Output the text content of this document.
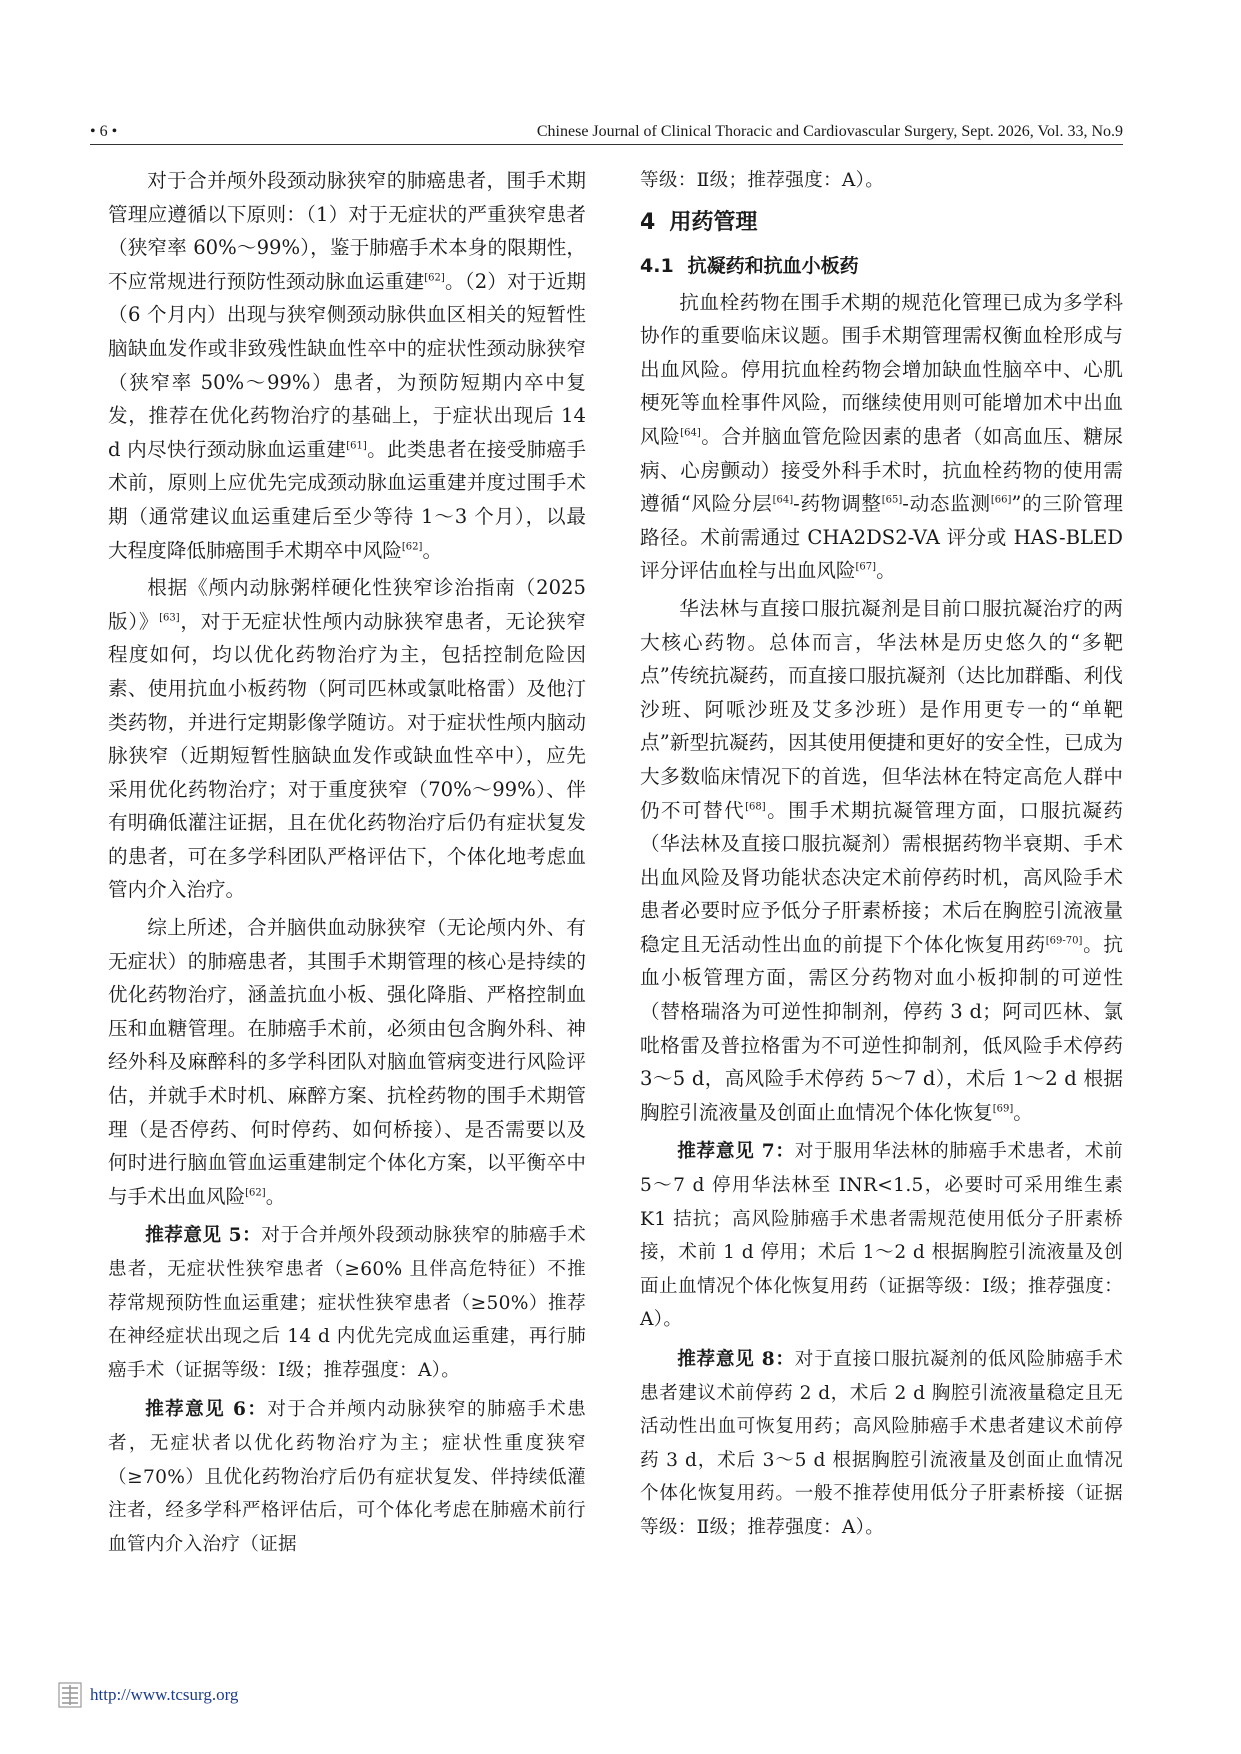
• 6 •	Chinese Journal of Clinical Thoracic and Cardiovascular Surgery, Sept. 2026, Vol. 33, No.9

对于合并颅外段颈动脉狭窄的肺癌患者，围手术期管理应遵循以下原则：（1）对于无症状的严重狭窄患者（狭窄率 60%～99%），鉴于肺癌手术本身的限期性，不应常规进行预防性颈动脉血运重建[62]。（2）对于近期（6 个月内）出现与狭窄侧颈动脉供血区相关的短暂性脑缺血发作或非致残性缺血性卒中的症状性颈动脉狭窄（狭窄率 50%～99%）患者，为预防短期内卒中复发，推荐在优化药物治疗的基础上，于症状出现后 14 d 内尽快行颈动脉血运重建[61]。此类患者在接受肺癌手术前，原则上应优先完成颈动脉血运重建并度过围手术期（通常建议血运重建后至少等待 1～3 个月），以最大程度降低肺癌围手术期卒中风险[62]。

根据《颅内动脉粥样硬化性狭窄诊治指南（2025 版）》[63]，对于无症状性颅内动脉狭窄患者，无论狭窄程度如何，均以优化药物治疗为主，包括控制危险因素、使用抗血小板药物（阿司匹林或氯吡格雷）及他汀类药物，并进行定期影像学随访。对于症状性颅内脑动脉狭窄（近期短暂性脑缺血发作或缺血性卒中），应先采用优化药物治疗；对于重度狭窄（70%～99%）、伴有明确低灌注证据，且在优化药物治疗后仍有症状复发的患者，可在多学科团队严格评估下，个体化地考虑血管内介入治疗。

综上所述，合并脑供血动脉狭窄（无论颅内外、有无症状）的肺癌患者，其围手术期管理的核心是持续的优化药物治疗，涵盖抗血小板、强化降脂、严格控制血压和血糖管理。在肺癌手术前，必须由包含胸外科、神经外科及麻醉科的多学科团队对脑血管病变进行风险评估，并就手术时机、麻醉方案、抗栓药物的围手术期管理（是否停药、何时停药、如何桥接）、是否需要以及何时进行脑血管血运重建制定个体化方案，以平衡卒中与手术出血风险[62]。

推荐意见 5：对于合并颅外段颈动脉狭窄的肺癌手术患者，无症状性狭窄患者（≥60% 且伴高危特征）不推荐常规预防性血运重建；症状性狭窄患者（≥50%）推荐在神经症状出现之后 14 d 内优先完成血运重建，再行肺癌手术（证据等级：Ⅰ级；推荐强度：A）。

推荐意见 6：对于合并颅内动脉狭窄的肺癌手术患者，无症状者以优化药物治疗为主；症状性重度狭窄（≥70%）且优化药物治疗后仍有症状复发、伴持续低灌注者，经多学科严格评估后，可个体化考虑在肺癌术前行血管内介入治疗（证据

等级：Ⅱ级；推荐强度：A）。

4 用药管理
4.1 抗凝药和抗血小板药

抗血栓药物在围手术期的规范化管理已成为多学科协作的重要临床议题。围手术期管理需权衡血栓形成与出血风险。停用抗血栓药物会增加缺血性脑卒中、心肌梗死等血栓事件风险，而继续使用则可能增加术中出血风险[64]。合并脑血管危险因素的患者（如高血压、糖尿病、心房颤动）接受外科手术时，抗血栓药物的使用需遵循“风险分层[64]-药物调整[65]-动态监测[66]”的三阶管理路径。术前需通过 CHA2DS2-VA 评分或 HAS-BLED 评分评估血栓与出血风险[67]。

华法林与直接口服抗凝剂是目前口服抗凝治疗的两大核心药物。总体而言，华法林是历史悠久的“多靶点”传统抗凝药，而直接口服抗凝剂（达比加群酯、利伐沙班、阿哌沙班及艾多沙班）是作用更专一的“单靶点”新型抗凝药，因其使用便捷和更好的安全性，已成为大多数临床情况下的首选，但华法林在特定高危人群中仍不可替代[68]。围手术期抗凝管理方面，口服抗凝药（华法林及直接口服抗凝剂）需根据药物半衰期、手术出血风险及肾功能状态决定术前停药时机，高风险手术患者必要时应予低分子肝素桥接；术后在胸腔引流液量稳定且无活动性出血的前提下个体化恢复用药[69-70]。抗血小板管理方面，需区分药物对血小板抑制的可逆性（替格瑞洛为可逆性抑制剂，停药 3 d；阿司匹林、氯吡格雷及普拉格雷为不可逆性抑制剂，低风险手术停药 3～5 d，高风险手术停药 5～7 d），术后 1～2 d 根据胸腔引流液量及创面止血情况个体化恢复[69]。

推荐意见 7：对于服用华法林的肺癌手术患者，术前 5～7 d 停用华法林至 INR<1.5，必要时可采用维生素 K1 拮抗；高风险肺癌手术患者需规范使用低分子肝素桥接，术前 1 d 停用；术后 1～2 d 根据胸腔引流液量及创面止血情况个体化恢复用药（证据等级：Ⅰ级；推荐强度：A）。

推荐意见 8：对于直接口服抗凝剂的低风险肺癌手术患者建议术前停药 2 d，术后 2 d 胸腔引流液量稳定且无活动性出血可恢复用药；高风险肺癌手术患者建议术前停药 3 d，术后 3～5 d 根据胸腔引流液量及创面止血情况个体化恢复用药。一般不推荐使用低分子肝素桥接（证据等级：Ⅱ级；推荐强度：A）。

http://www.tcsurg.org
